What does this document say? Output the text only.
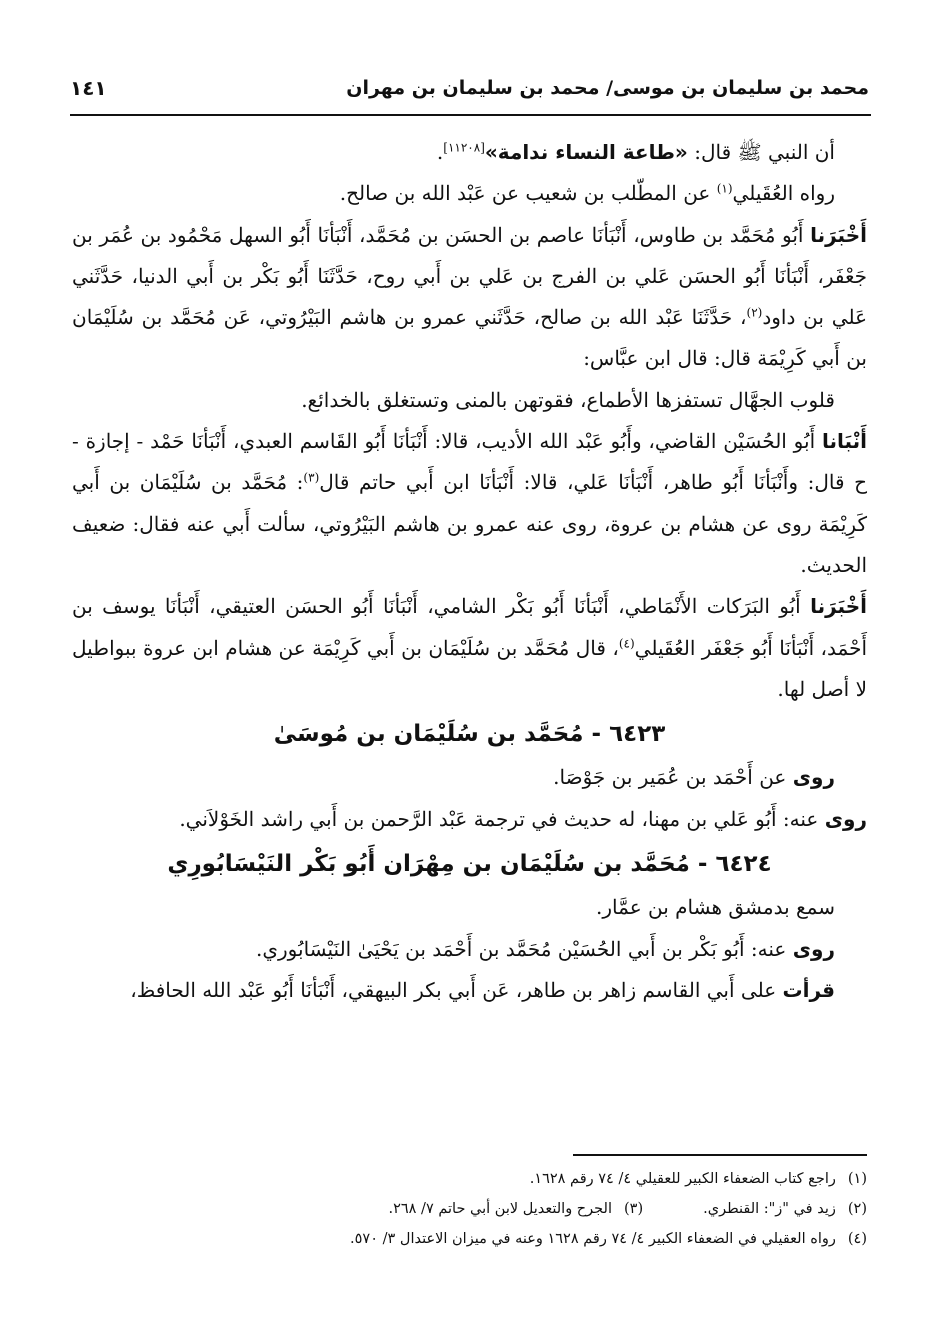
محمد بن سليمان بن موسى/ محمد بن سليمان بن مهران
١٤١

أن النبي ﷺ قال: «طاعة النساء ندامة»[١١٢٠٨].

رواه العُقَيلي$^{(١)}$ عن المطّلب بن شعيب عن عَبْد الله بن صالح.

أَخْبَرَنا أَبُو مُحَمَّد بن طاوس، أَنْبَأنَا عاصم بن الحسَن بن مُحَمَّد، أَنْبَأنَا أَبُو السهل مَحْمُود بن عُمَر بن جَعْفَر، أَنْبَأنَا أَبُو الحسَن عَلي بن الفرج بن عَلي بن أَبي روح، حَدَّثَنَا أَبُو بَكْر بن أَبي الدنيا، حَدَّثَني عَلي بن داود$^{(٢)}$، حَدَّثَنَا عَبْد الله بن صالح، حَدَّثَني عمرو بن هاشم البَيْرُوتي، عَن مُحَمَّد بن سُلَيْمَان بن أَبي كَرِيْمَة قال: قال ابن عبَّاس:

قلوب الجهَّال تستفزها الأطماع، فقوتهن بالمنى وتستغلق بالخدائع.

أَنْبَانا أَبُو الحُسَيْن القاضي، وأَبُو عَبْد الله الأديب، قالا: أَنْبَأنَا أَبُو القَاسم العبدي، أَنْبَأنَا حَمْد - إجازة - ح قال: وأَنْبَأنَا أَبُو طاهر، أَنْبَأنَا عَلي، قالا: أَنْبَأنَا ابن أَبي حاتم قال$^{(٣)}$: مُحَمَّد بن سُلَيْمَان بن أَبي كَرِيْمَة روى عن هشام بن عروة، روى عنه عمرو بن هاشم البَيْرُوتي، سألت أَبي عنه فقال: ضعيف الحديث.

أَخْبَرَنا أَبُو البَرَكات الأَنْمَاطي، أَنْبَأنَا أَبُو بَكْر الشامي، أَنْبَأنَا أَبُو الحسَن العتيقي، أَنْبَأنَا يوسف بن أَحْمَد، أَنْبَأنَا أَبُو جَعْفَر العُقَيلي$^{(٤)}$، قال مُحَمَّد بن سُلَيْمَان بن أَبي كَرِيْمَة عن هشام ابن عروة ببواطيل لا أصل لها.

٦٤٢٣ - مُحَمَّد بن سُلَيْمَان بن مُوسَىٰ

روى عن أَحْمَد بن عُمَير بن جَوْصَا.

روى عنه: أَبُو عَلي بن مهنا، له حديث في ترجمة عَبْد الرَّحمن بن أَبي راشد الخَوْلاَني.

٦٤٢٤ - مُحَمَّد بن سُلَيْمَان بن مِهْرَان أَبُو بَكْر النَيْسَابُورِي

سمع بدمشق هشام بن عمَّار.

روى عنه: أَبُو بَكْر بن أَبي الحُسَيْن مُحَمَّد بن أَحْمَد بن يَحْيَىٰ النَيْسَابُوري.

قرأت على أَبي القاسم زاهر بن طاهر، عَن أَبي بكر البيهقي، أَنْبَأنَا أَبُو عَبْد الله الحافظ،

(١)راجع كتاب الضعفاء الكبير للعقيلي ٤/ ٧٤ رقم ١٦٢٨.
(٢)زيد في "ز": القنطري.
(٣)الجرح والتعديل لابن أبي حاتم ٧/ ٢٦٨.
(٤)رواه العقيلي في الضعفاء الكبير ٤/ ٧٤ رقم ١٦٢٨ وعنه في ميزان الاعتدال ٣/ ٥٧٠.
